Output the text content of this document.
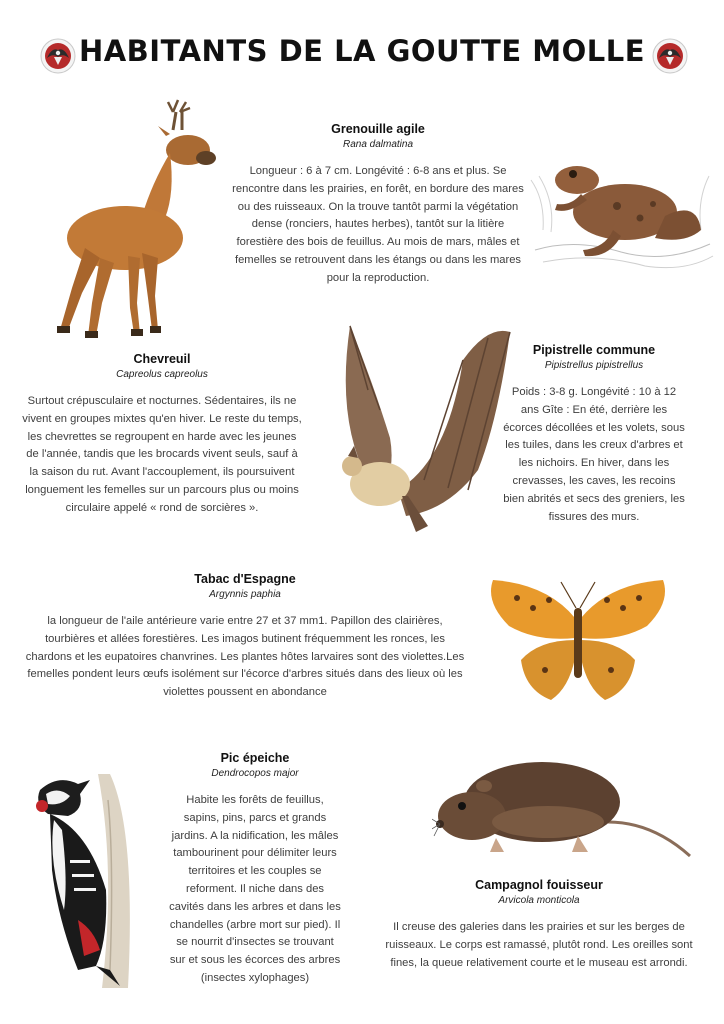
HABITANTS DE LA GOUTTE MOLLE

Grenouille agile

Rana dalmatina

Longueur : 6 à 7 cm. Longévité : 6-8 ans et plus. Se rencontre dans les prairies, en forêt, en bordure des mares ou des ruisseaux. On la trouve tantôt parmi la végétation dense (ronciers, hautes herbes), tantôt sur la litière forestière des bois de feuillus. Au mois de mars, mâles et femelles se retrouvent dans les étangs ou dans les mares pour la reproduction.

Chevreuil

Capreolus capreolus

Surtout crépusculaire et nocturnes. Sédentaires, ils ne vivent en groupes mixtes qu'en hiver. Le reste du temps, les chevrettes se regroupent en harde avec les jeunes de l'année, tandis que les brocards vivent seuls, sauf à la saison du rut. Avant l'accouplement, ils poursuivent longuement les femelles sur un parcours plus ou moins circulaire appelé « rond de sorcières ».

Pipistrelle commune

Pipistrellus pipistrellus

Poids : 3-8 g. Longévité : 10 à 12 ans Gîte : En été, derrière les écorces décollées et les volets, sous les tuiles, dans les creux d'arbres et les nichoirs. En hiver, dans les crevasses, les caves, les recoins bien abrités et secs des greniers, les fissures des murs.

Tabac d'Espagne

Argynnis paphia

la longueur de l'aile antérieure varie entre 27 et 37 mm1. Papillon des clairières, tourbières et allées forestières. Les imagos butinent fréquemment les ronces, les chardons et les eupatoires chanvrines. Les plantes hôtes larvaires sont des violettes.Les femelles pondent leurs œufs isolément sur l'écorce d'arbres situés dans des lieux où les violettes poussent en abondance

Pic épeiche

Dendrocopos major

Habite les forêts de feuillus, sapins, pins, parcs et grands jardins. A la nidification, les mâles tambourinent pour délimiter leurs territoires et les couples se reforment. Il niche dans des cavités dans les arbres et dans les chandelles (arbre mort sur pied). Il se nourrit d'insectes se trouvant sur et sous les écorces des arbres (insectes xylophages)

Campagnol fouisseur

Arvicola monticola

Il creuse des galeries dans les prairies et sur les berges de ruisseaux. Le corps est ramassé, plutôt rond. Les oreilles sont fines, la queue relativement courte et le museau est arrondi.
